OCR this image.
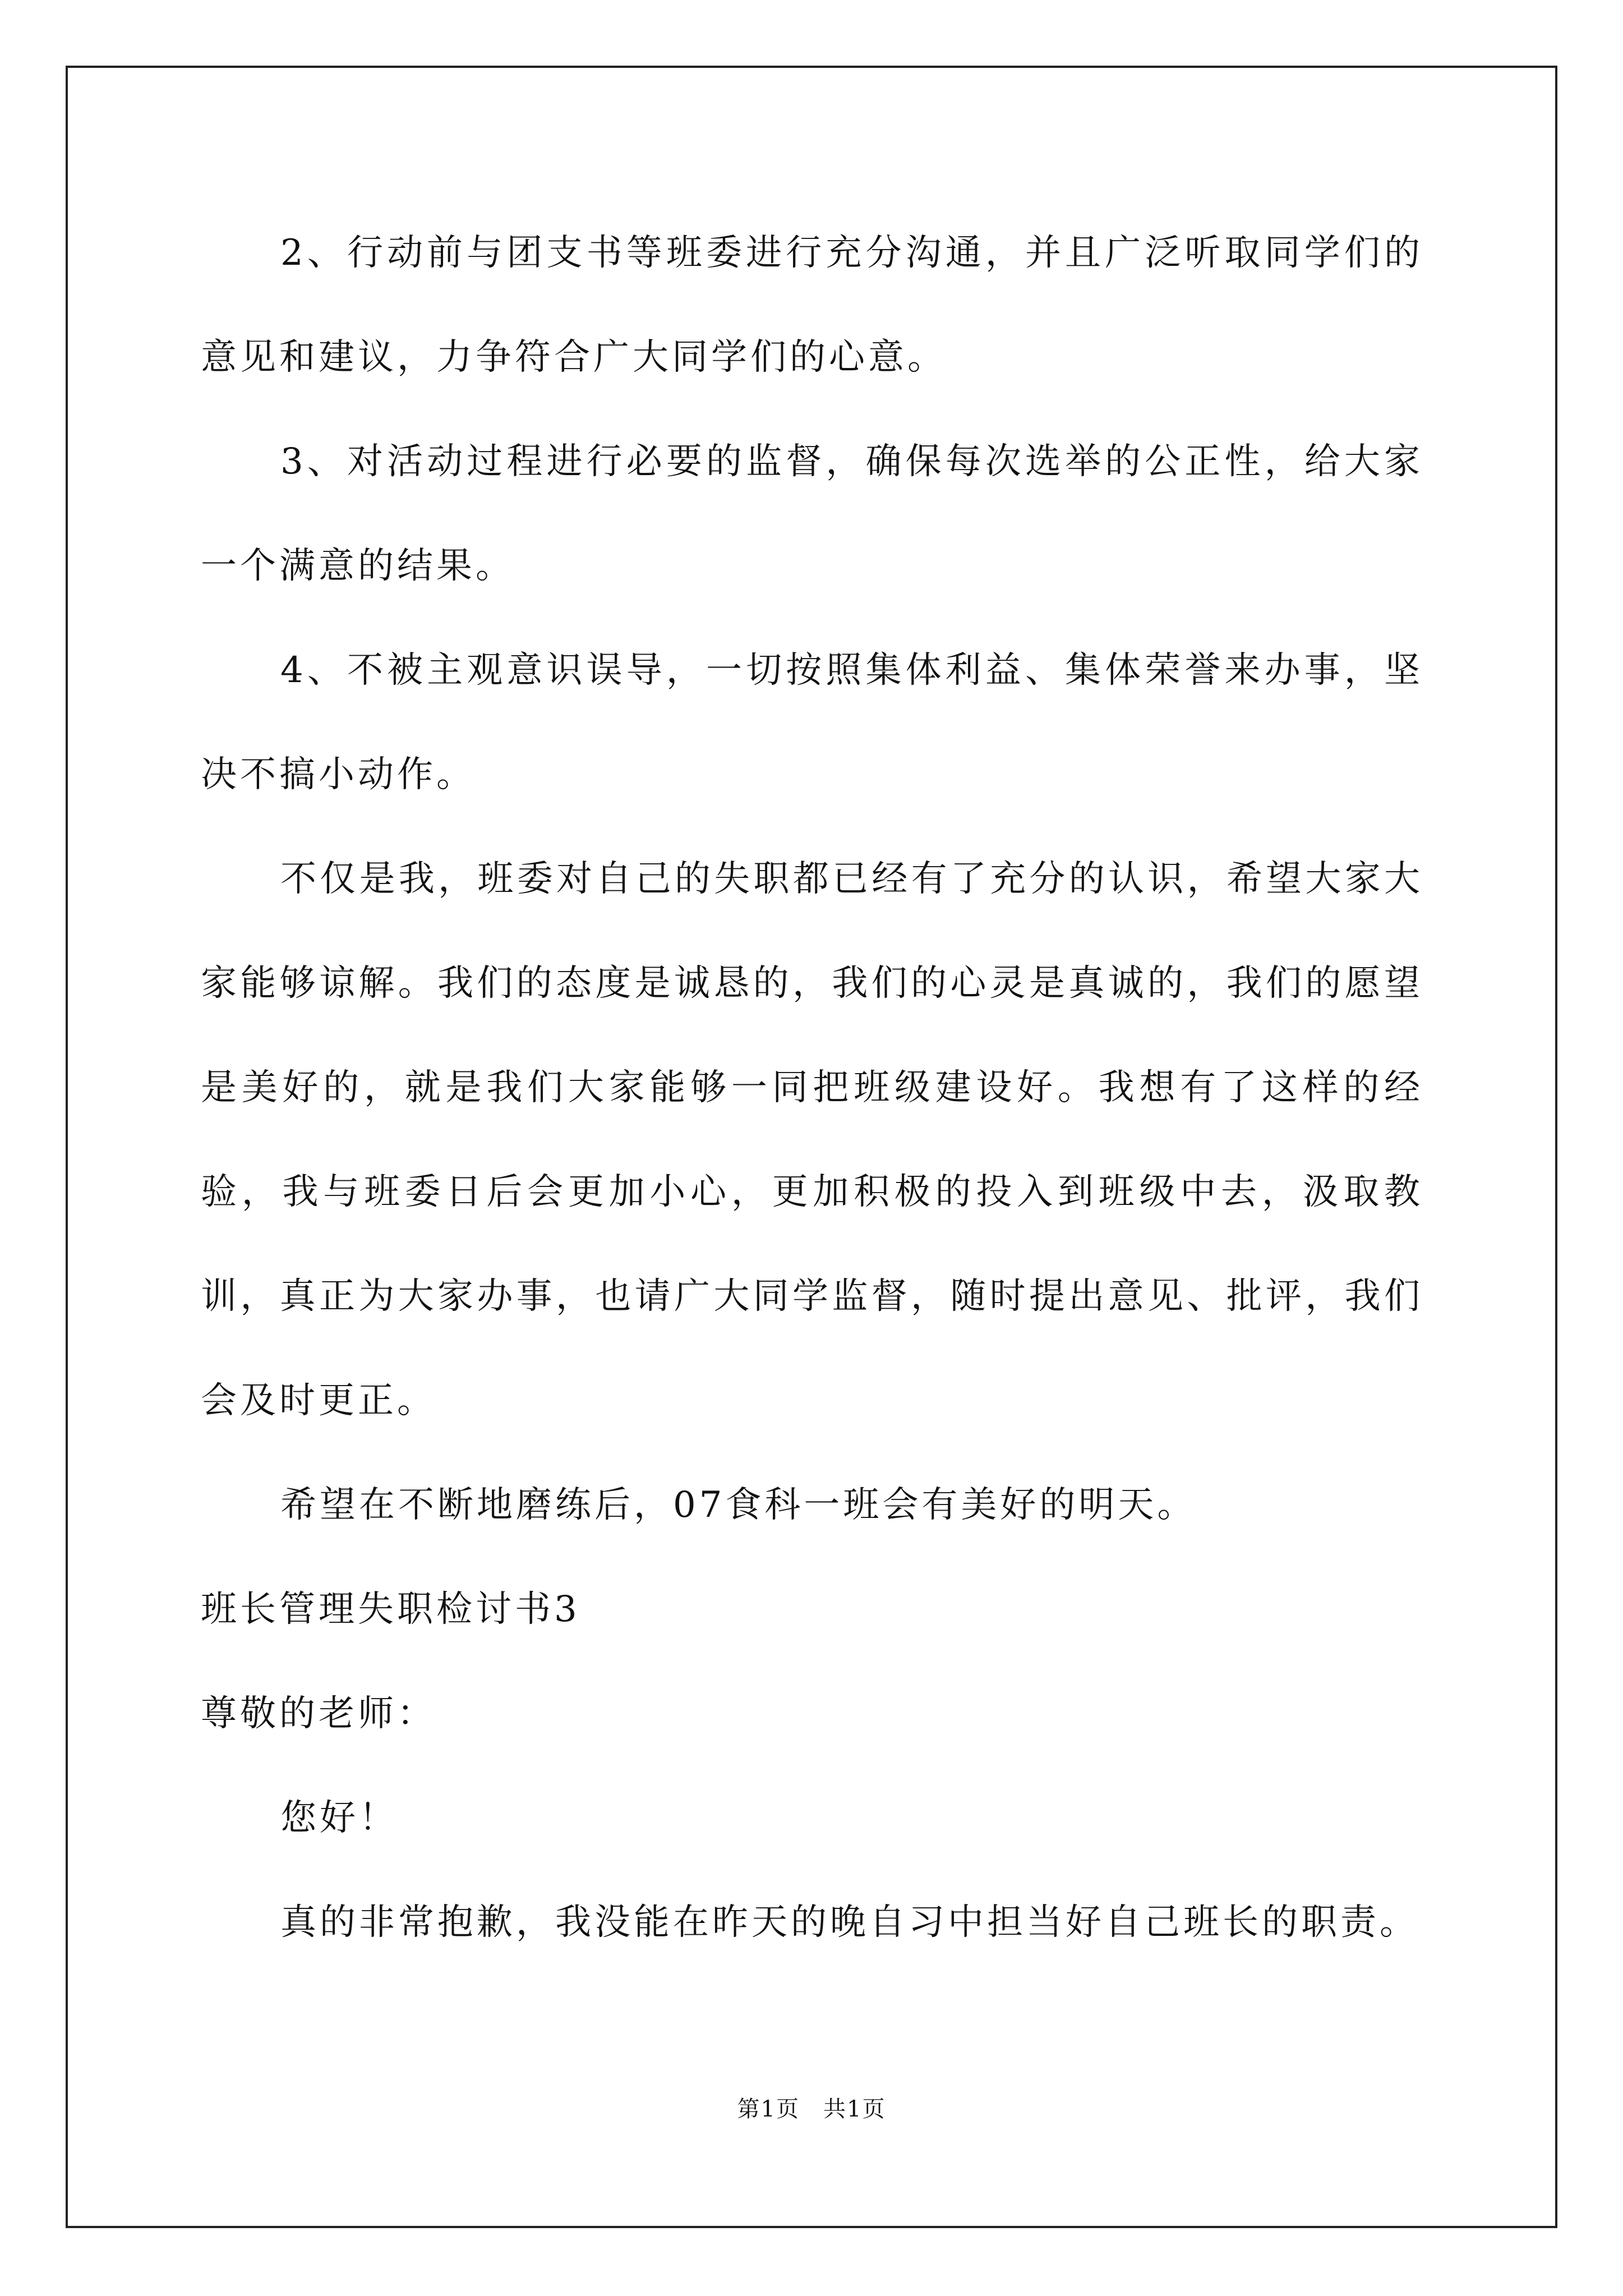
2、行动前与团支书等班委进行充分沟通，并且广泛听取同学们的意见和建议，力争符合广大同学们的心意。

3、对活动过程进行必要的监督，确保每次选举的公正性，给大家一个满意的结果。

4、不被主观意识误导，一切按照集体利益、集体荣誉来办事，坚决不搞小动作。

不仅是我，班委对自己的失职都已经有了充分的认识，希望大家大家能够谅解。我们的态度是诚恳的，我们的心灵是真诚的，我们的愿望是美好的，就是我们大家能够一同把班级建设好。我想有了这样的经验，我与班委日后会更加小心，更加积极的投入到班级中去，汲取教训，真正为大家办事，也请广大同学监督，随时提出意见、批评，我们会及时更正。

希望在不断地磨练后，07食科一班会有美好的明天。

班长管理失职检讨书3

尊敬的老师：

您好！

真的非常抱歉，我没能在昨天的晚自习中担当好自己班长的职责。

第1页　共1页
